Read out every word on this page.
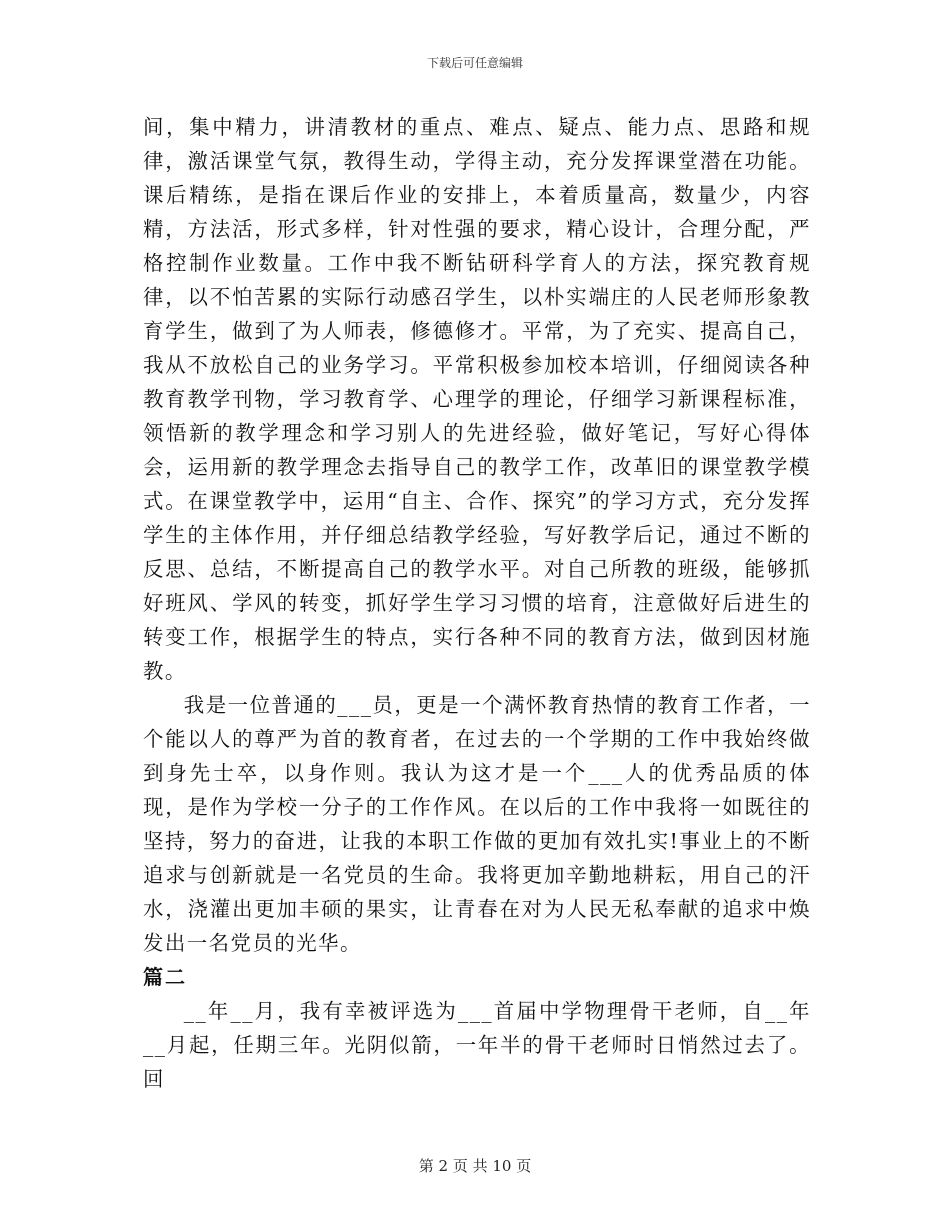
下载后可任意编辑

间，集中精力，讲清教材的重点、难点、疑点、能力点、思路和规律，激活课堂气氛，教得生动，学得主动，充分发挥课堂潜在功能。课后精练，是指在课后作业的安排上，本着质量高，数量少，内容精，方法活，形式多样，针对性强的要求，精心设计，合理分配，严格控制作业数量。工作中我不断钻研科学育人的方法，探究教育规律，以不怕苦累的实际行动感召学生，以朴实端庄的人民老师形象教育学生，做到了为人师表，修德修才。平常，为了充实、提高自己，我从不放松自己的业务学习。平常积极参加校本培训，仔细阅读各种教育教学刊物，学习教育学、心理学的理论，仔细学习新课程标准，领悟新的教学理念和学习别人的先进经验，做好笔记，写好心得体会，运用新的教学理念去指导自己的教学工作，改革旧的课堂教学模式。在课堂教学中，运用“自主、合作、探究”的学习方式，充分发挥学生的主体作用，并仔细总结教学经验，写好教学后记，通过不断的反思、总结，不断提高自己的教学水平。对自己所教的班级，能够抓好班风、学风的转变，抓好学生学习习惯的培育，注意做好后进生的转变工作，根据学生的特点，实行各种不同的教育方法，做到因材施教。

我是一位普通的___员，更是一个满怀教育热情的教育工作者，一个能以人的尊严为首的教育者，在过去的一个学期的工作中我始终做到身先士卒，以身作则。我认为这才是一个___人的优秀品质的体现，是作为学校一分子的工作作风。在以后的工作中我将一如既往的坚持，努力的奋进，让我的本职工作做的更加有效扎实!事业上的不断追求与创新就是一名党员的生命。我将更加辛勤地耕耘，用自己的汗水，浇灌出更加丰硕的果实，让青春在对为人民无私奉献的追求中焕发出一名党员的光华。

篇二

__年__月，我有幸被评选为___首届中学物理骨干老师，自__年__月起，任期三年。光阴似箭，一年半的骨干老师时日悄然过去了。回

第 2 页 共 10 页
